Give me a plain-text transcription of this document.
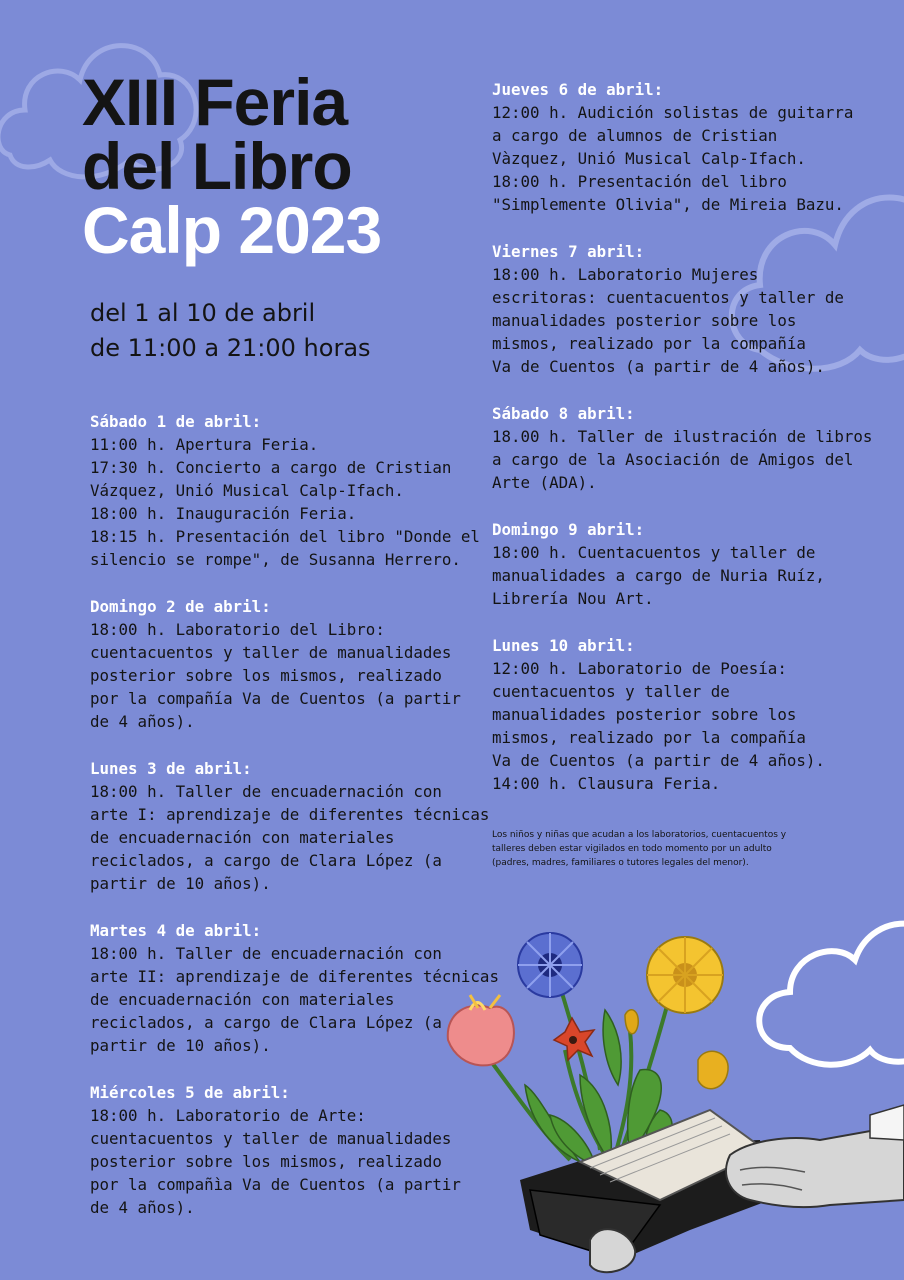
XIII Feria
del Libro
Calp 2023
del 1 al 10 de abril
de 11:00 a 21:00 horas
Sábado 1 de abril:
11:00 h. Apertura Feria.
17:30 h. Concierto a cargo de Cristian
Vázquez, Unió Musical Calp-Ifach.
18:00 h. Inauguración Feria.
18:15 h. Presentación del libro "Donde el
silencio se rompe", de Susanna Herrero.
Domingo 2 de abril:
18:00 h. Laboratorio del Libro:
cuentacuentos y taller de manualidades
posterior sobre los mismos, realizado
por la compañía Va de Cuentos (a partir
de 4 años).
Lunes 3 de abril:
18:00 h. Taller de encuadernación con
arte I: aprendizaje de diferentes técnicas
de encuadernación con materiales
reciclados, a cargo de Clara López (a
partir de 10 años).
Martes 4 de abril:
18:00 h. Taller de encuadernación con
arte II: aprendizaje de diferentes técnicas
de encuadernación con materiales
reciclados, a cargo de Clara López (a
partir de 10 años).
Miércoles 5 de abril:
18:00 h. Laboratorio de Arte:
cuentacuentos y taller de manualidades
posterior sobre los mismos, realizado
por la compañìa Va de Cuentos (a partir
de 4 años).
Jueves 6 de abril:
12:00 h. Audición solistas de guitarra
a cargo de alumnos de Cristian
Vàzquez, Unió Musical Calp-Ifach.
18:00 h. Presentación del libro
"Simplemente Olivia", de Mireia Bazu.
Viernes 7 abril:
18:00 h. Laboratorio Mujeres
escritoras: cuentacuentos y taller de
manualidades posterior sobre los
mismos, realizado por la compañía
Va de Cuentos (a partir de 4 años).
Sábado 8 abril:
18.00 h. Taller de ilustración de libros
a cargo de la Asociación de Amigos del
Arte (ADA).
Domingo 9 abril:
18:00 h. Cuentacuentos y taller de
manualidades a cargo de Nuria Ruíz,
Librería Nou Art.
Lunes 10 abril:
12:00 h. Laboratorio de Poesía:
cuentacuentos y taller de
manualidades posterior sobre los
mismos, realizado por la compañía
Va de Cuentos (a partir de 4 años).
14:00 h. Clausura Feria.
Los niños y niñas que acudan a los laboratorios, cuentacuentos y
talleres deben estar vigilados en todo momento por un adulto
(padres, madres, familiares o tutores legales del menor).
